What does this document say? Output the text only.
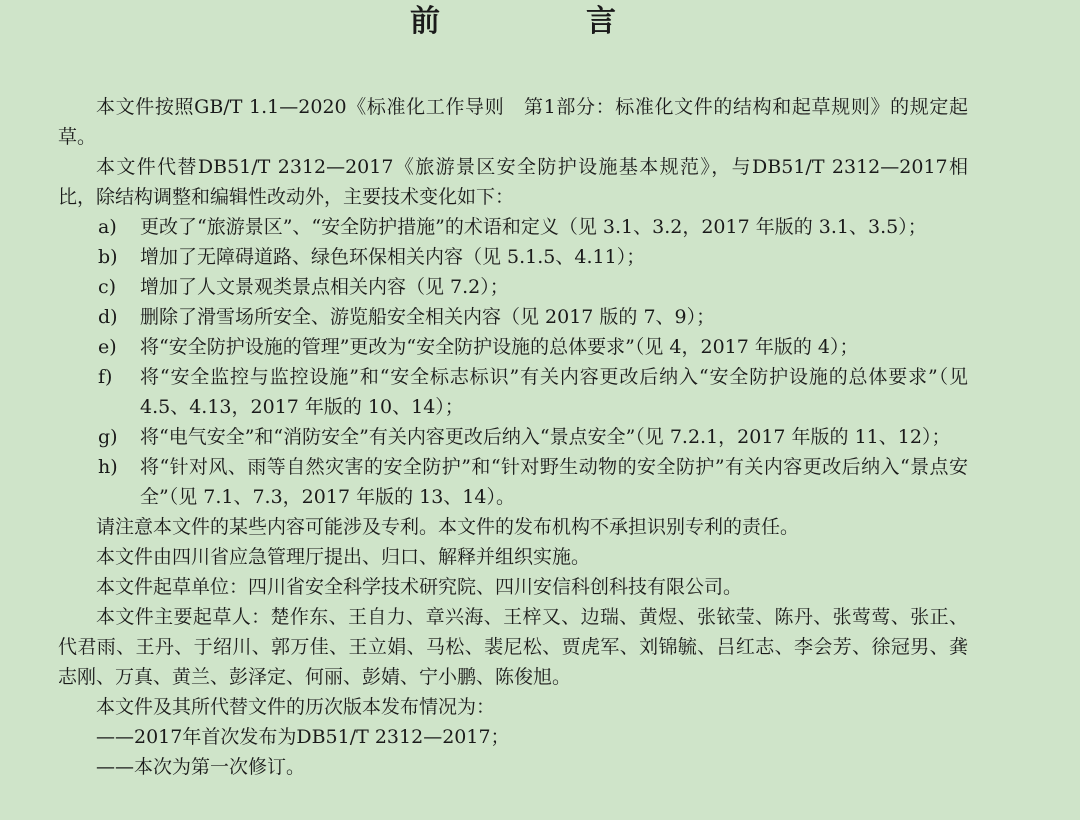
前　言

本文件按照GB/T 1.1—2020《标准化工作导则　第1部分：标准化文件的结构和起草规则》的规定起草。

本文件代替DB51/T 2312—2017《旅游景区安全防护设施基本规范》，与DB51/T 2312—2017相比，除结构调整和编辑性改动外，主要技术变化如下：

a)	更改了“旅游景区”、“安全防护措施”的术语和定义（见 3.1、3.2，2017 年版的 3.1、3.5）；
b)	增加了无障碍道路、绿色环保相关内容（见 5.1.5、4.11）；
c)	增加了人文景观类景点相关内容（见 7.2）；
d)	删除了滑雪场所安全、游览船安全相关内容（见 2017 版的 7、9）；
e)	将“安全防护设施的管理”更改为“安全防护设施的总体要求”（见 4，2017 年版的 4）；
f)	将“安全监控与监控设施”和“安全标志标识”有关内容更改后纳入“安全防护设施的总体要求”（见 4.5、4.13，2017 年版的 10、14）；
g)	将“电气安全”和“消防安全”有关内容更改后纳入“景点安全”（见 7.2.1，2017 年版的 11、12）；
h)	将“针对风、雨等自然灾害的安全防护”和“针对野生动物的安全防护”有关内容更改后纳入“景点安全”（见 7.1、7.3，2017 年版的 13、14）。

请注意本文件的某些内容可能涉及专利。本文件的发布机构不承担识别专利的责任。

本文件由四川省应急管理厅提出、归口、解释并组织实施。

本文件起草单位：四川省安全科学技术研究院、四川安信科创科技有限公司。

本文件主要起草人：楚作东、王自力、章兴海、王梓又、边瑞、黄煜、张铱莹、陈丹、张莺莺、张正、代君雨、王丹、于绍川、郭万佳、王立娟、马松、裴尼松、贾虎军、刘锦毓、吕红志、李会芳、徐冠男、龚志刚、万真、黄兰、彭泽定、何丽、彭婧、宁小鹏、陈俊旭。

本文件及其所代替文件的历次版本发布情况为：

——2017年首次发布为DB51/T 2312—2017；

——本次为第一次修订。
